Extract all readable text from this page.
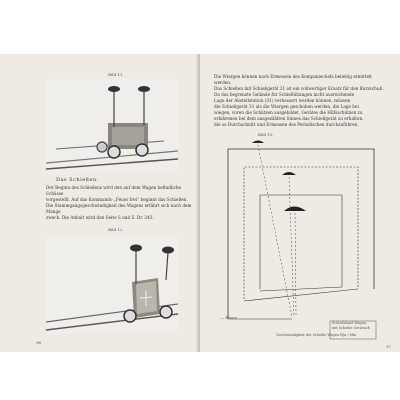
Bild 11.
Das Schießen.
Der Beginn des Schießens wird den auf dem Wagen befindliche Schüsse
vorgestellt. Auf das Kommando „Feuer frei“ beginnt das Schießen.
Die Stammgangsgeschwindigkeit des Wagens erfährt sich nach dem Mange
zweck. Die Anhalt wird den Seite S und S. Dr. 243.
Bild 12.
96
Die Wiergen können nach Ermessen des Kompaniechefs beliebig ermittelt
werden.
Das Schießen mit Schießgerät 31 ist ein vollwertiger Ersatz für den Kurzschuß.
Da das begrenzte Gelände für Schießübungen nicht ausreichende
Lage der Abstellstation (31) verbessert werden können, müssen
die Schießgerät 31 als die Wiergen geschoben werden, die Lage bei
wiegen, voren die Schützen ausgebildet, Gerätes die Hilfsschützen zu
erfahrenen bei dem ausgezählten Sinnes das Schießgerät zu erhalten,
die so Durchschnitt und Ermessen des Periodischen durchzuführen.
Bild 13.
— Rinne
Schießstand Wagen
mit Scheibe Geräsuch
Geschwindigkeit der Scheibe Wagen Hjn / Min
97
